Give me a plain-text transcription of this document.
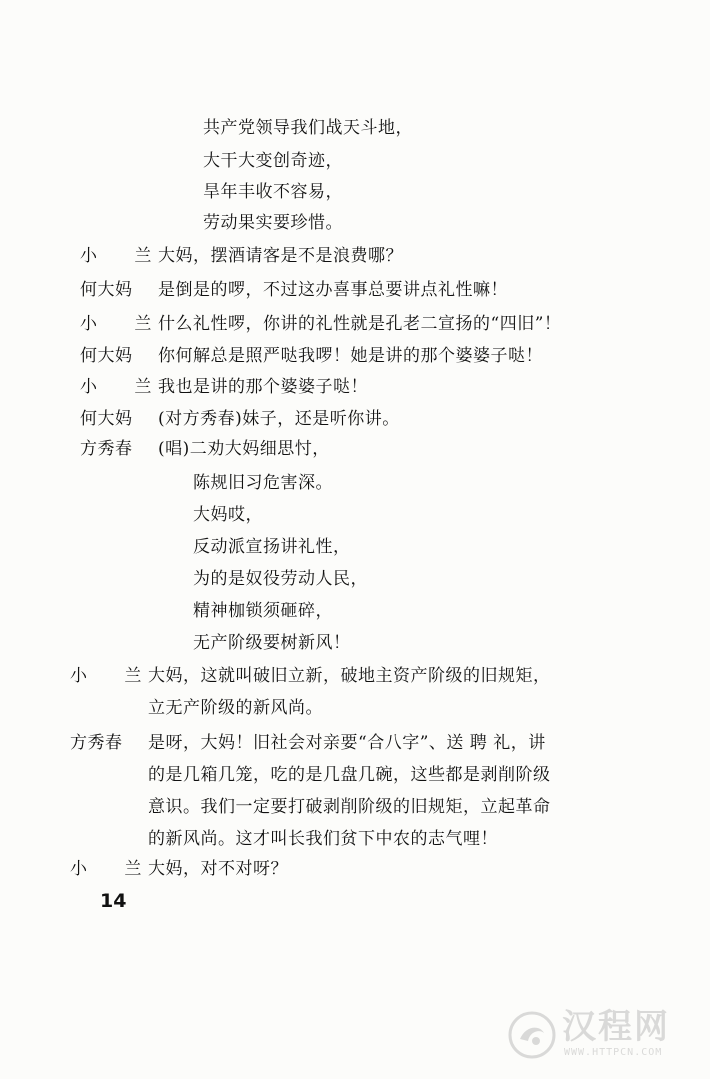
共产党领导我们战天斗地，
大干大变创奇迹，
旱年丰收不容易，
劳动果实要珍惜。
小 兰
大妈，摆酒请客是不是浪费哪？
何大妈 是倒是的啰，不过这办喜事总要讲点礼性嘛！
小 兰
什么礼性啰，你讲的礼性就是孔老二宣扬的“四旧”！
何大妈 你何解总是照严哒我啰！她是讲的那个婆婆子哒！
小 兰
我也是讲的那个婆婆子哒！
何大妈 (对方秀春)妹子，还是听你讲。
方秀春 (唱)二劝大妈细思忖，
陈规旧习危害深。
大妈哎，
反动派宣扬讲礼性，
为的是奴役劳动人民，
精神枷锁须砸碎，
无产阶级要树新风！
小 兰
大妈，这就叫破旧立新，破地主资产阶级的旧规矩，
立无产阶级的新风尚。
方秀春 是呀，大妈！旧社会对亲要“合八字”、送 聘 礼，讲
的是几箱几笼，吃的是几盘几碗，这些都是剥削阶级
意识。我们一定要打破剥削阶级的旧规矩，立起革命
的新风尚。这才叫长我们贫下中农的志气哩！
小 兰
大妈，对不对呀？
14
汉程网
WWW.HTTPCN.COM
